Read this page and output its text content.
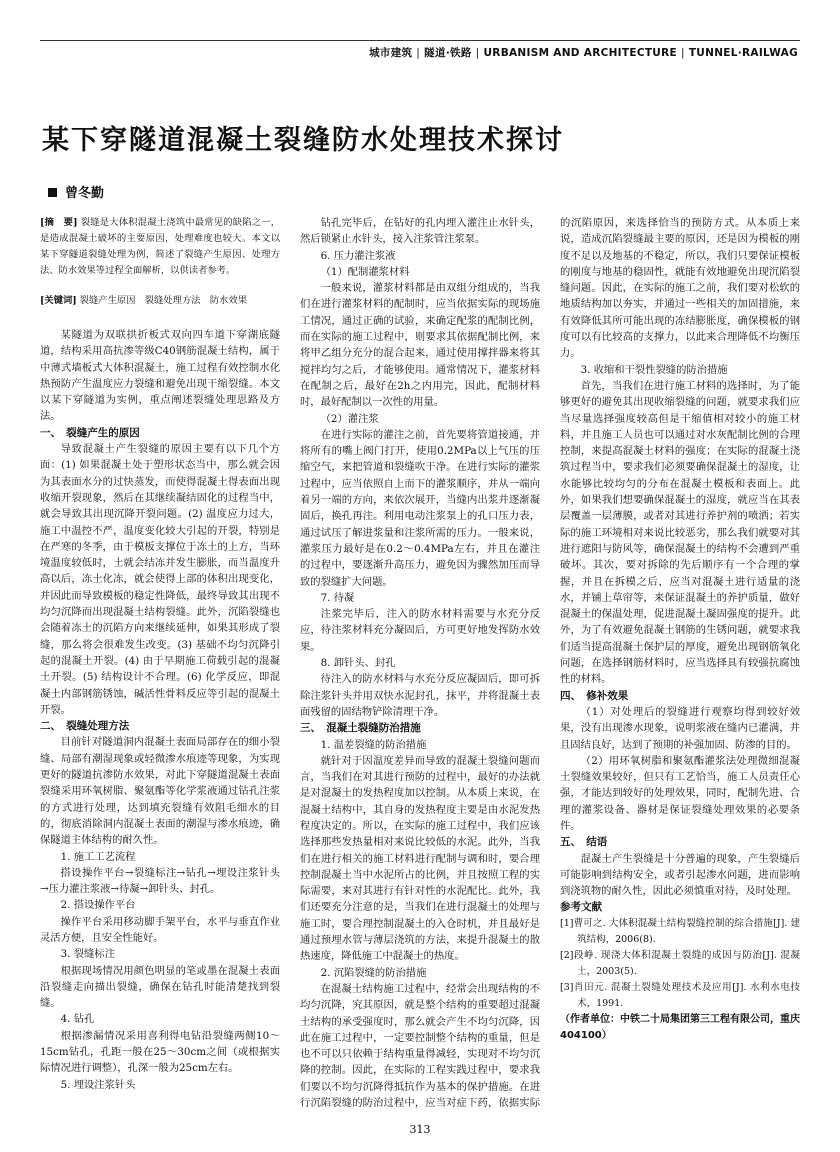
城市建筑 | 隧道·铁路 | URBANISM AND ARCHITECTURE | TUNNEL·RAILWAG
某下穿隧道混凝土裂缝防水处理技术探讨
曾冬勤

[摘　要] 裂缝是大体积混凝土浇筑中最常见的缺陷之一，是造成混凝土破坏的主要原因，处理难度也较大。本文以某下穿隧道裂缝处理为例，简述了裂缝产生原因、处理方法、防水效果等过程全面解析，以供读者参考。

[关键词] 裂缝产生原因　裂缝处理方法　防水效果

某隧道为双联拱折板式双向四车道下穿湖底隧道，结构采用高抗渗等级C40钢筋混凝土结构，属于中薄式墙板式大体积混凝土，施工过程有效控制水化热预防产生温度应力裂缝和避免出现干缩裂缝。本文以某下穿隧道为实例，重点阐述裂缝处理思路及方法。

一、　裂缝产生的原因

导致混凝土产生裂缝的原因主要有以下几个方面：(1) 如果混凝土处于塑形状态当中，那么就会因为其表面水分的过快蒸发，而使得混凝土得表面出现收缩开裂现象，然后在其继续凝结固化的过程当中，就会导致其出现沉降开裂问题。(2) 温度应力过大，施工中温控不严，温度变化较大引起的开裂，特别是在严寒的冬季，由于模板支撑位于冻土的上方，当环境温度较低时，土就会结冻并发生膨胀，而当温度升高以后，冻土化冻，就会使得上部的体积出现变化，并因此而导致模板的稳定性降低，最终导致其出现不均匀沉降而出现混凝土结构裂缝。此外，沉陷裂缝也会随着冻土的沉陷方向来继续延伸，如果其形成了裂缝，那么将会很难发生改变。(3) 基础不均匀沉降引起的混凝土开裂。(4) 由于早期施工荷载引起的混凝土开裂。(5) 结构设计不合理。(6) 化学反应，即混凝土内部钢筋锈蚀，碱活性骨料反应等引起的混凝土开裂。

二、　裂缝处理方法

目前针对隧道洞内混凝土表面局部存在的细小裂缝、局部有潮湿现象或轻微渗水痕迹等现象，为实现更好的隧道抗渗防水效果，对此下穿隧道混凝土表面裂缝采用环氧树脂、聚氨酯等化学浆液通过钻孔注浆的方式进行处理，达到填充裂缝有效阻毛细水的目的，彻底消除洞内混凝土表面的潮湿与渗水痕迹，确保隧道主体结构的耐久性。

1. 施工工艺流程

搭设操作平台→裂缝标注→钻孔→埋设注浆针头→压力灌注浆液→待凝→卸针头、封孔。

2. 搭设操作平台

操作平台采用移动脚手架平台，水平与垂直作业灵活方便，且安全性能好。

3. 裂缝标注

根据现场情况用颜色明显的笔或墨在混凝土表面沿裂缝走向描出裂缝，确保在钻孔时能清楚找到裂缝。

4. 钻孔

根据渗漏情况采用喜利得电钻沿裂缝两侧10～15cm钻孔，孔距一般在25～30cm之间（或根据实际情况进行调整），孔深一般为25cm左右。

5. 埋设注浆针头

钻孔完毕后，在钻好的孔内埋入灌注止水针头，然后锁紧止水针头，接入注浆管注浆泵。

6. 压力灌注浆液
（1）配制灌浆材料

一般来说，灌浆材料都是由双组分组成的，当我们在进行灌浆材料的配制时，应当依据实际的现场施工情况，通过正确的试验，来确定配浆的配制比例，而在实际的施工过程中，则要求其依据配制比例，来将甲乙组分充分的混合起来，通过使用撑拌器来将其搅拌均匀之后，才能够使用。通常情况下，灌浆材料在配制之后，最好在2h之内用完，因此，配制材料时，最好配制以一次性的用量。

（2）灌注浆

在进行实际的灌注之前，首先要将管道接通，并将所有的嘴上阀门打开，使用0.2MPa以上气压的压缩空气，来把管道和裂缝吹干净。在进行实际的灌浆过程中，应当依照自上而下的灌浆顺序，并从一端向着另一端的方向，来依次展开，当缝内出浆并逐渐凝固后，换孔再注。利用电动注浆泵上的孔口压力表，通过试压了解进浆量和注浆所需的压力。一般来说，灌浆压力最好是在0.2～0.4MPa左右，并且在灌注的过程中，要逐渐升高压力，避免因为骤然加压而导致的裂缝扩大问题。

7. 待凝

注浆完毕后，注入的防水材料需要与水充分反应，待注浆材料充分凝固后，方可更好地发挥防水效果。

8. 卸针头、封孔

待注入的防水材料与水充分反应凝固后，即可拆除注浆针头并用双快水泥封孔，抹平，并将混凝土表面残留的固结物铲除清理干净。

三、　混凝土裂缝防治措施
1. 温差裂缝的防治措施

就针对于因温度差异而导致的混凝土裂缝问题而言，当我们在对其进行预防的过程中，最好的办法就是对混凝土的发热程度加以控制。从本质上来说，在混凝土结构中，其自身的发热程度主要是由水泥发热程度决定的。所以，在实际的施工过程中，我们应该选择那些发热量相对来说比较低的水泥。此外，当我们在进行相关的施工材料进行配制与调和时，要合理控制混凝土当中水泥所占的比例，并且按照工程的实际需要，来对其进行有针对性的水泥配比。此外，我们还要充分注意的是，当我们在进行混凝土的处理与施工时，要合理控制混凝土的入仓时机，并且最好是通过预埋水管与薄层浇筑的方法，来提升混凝土的散热速度，降低施工中混凝土的热度。

2. 沉陷裂缝的防治措施

在混凝土结构施工过程中，经常会出现结构的不均匀沉降，究其原因，就是整个结构的重要超过混凝土结构的承受强度时，那么就会产生不均匀沉降，因此在施工过程中，一定要控制整个结构的重量，但是也不可以只依赖于结构重量得减轻，实现对不均匀沉降的控制。因此，在实际的工程实践过程中，要求我们要以不均匀沉降得抵抗作为基本的保护措施。在进行沉陷裂缝的防治过程中，应当对症下药，依据实际的沉陷原因，来选择恰当的预防方式。从本质上来说，造成沉陷裂缝最主要的原因，还是因为模板的刚度不足以及地基的不稳定，所以，我们只要保证模板的刚度与地基的稳固性，就能有效地避免出现沉陷裂缝问题。因此，在实际的施工之前，我们要对松软的地质结构加以夯实，并通过一些相关的加固措施，来有效降低其所可能出现的冻结膨胀度，确保模板的钢度可以有比较高的支撑力，以此来合理降低不均衡压力。

3. 收缩和干裂性裂缝的防治措施

首先，当我们在进行施工材料的选择时，为了能够更好的避免其出现收缩裂缝的问题，就要求我们应当尽量选择强度较高但是干缩值相对较小的施工材料，并且施工人员也可以通过对水灰配制比例的合理控制，来提高混凝土材料的强度；在实际的混凝土浇筑过程当中，要求我们必须要确保混凝土的湿度，让水能够比较均匀的分布在混凝土模板和表面上。此外，如果我们想要确保混凝土的湿度，就应当在其表层覆盖一层薄膜，或者对其进行养护剂的喷洒；若实际的施工环境相对来说比较恶劣，那么我们就要对其进行遮阳与防风等，确保混凝土的结构不会遭到严重破坏。其次，要对拆除的先后顺序有一个合理的掌握，并且在拆模之后，应当对混凝土进行适量的浇水，并铺上草帘等，来保证混凝土的养护质量，做好混凝土的保温处理，促进混凝土凝固强度的提升。此外，为了有效避免混凝土钢筋的生锈问题，就要求我们适当提高混凝土保护层的厚度，避免出现钢筋氧化问题，在选择钢筋材料时，应当选择具有较强抗腐蚀性的材料。

四、　修补效果

（1）对处理后的裂缝进行观察均得到较好效果，没有出现渗水现象，说明浆液在缝内已灌满，并且固结良好，达到了预期的补强加固、防渗的目的。

（2）用环氧树脂和聚氨酯灌浆法处理微细混凝土裂缝效果较好，但只有工艺恰当，施工人员责任心强，才能达到较好的处理效果，同时，配制先进、合理的灌浆设备、器材是保证裂缝处理效果的必要条件。

五、　结语

混凝土产生裂缝是十分普遍的现象，产生裂缝后可能影响到结构安全，或者引起渗水问题，进而影响到浇筑物的耐久性，因此必须慎重对待，及时处理。

参考文献

[1]曹可之. 大体积混凝土结构裂缝控制的综合措施[J]. 建筑结构，2006(8).

[2]段峥. 现浇大体积混凝土裂缝的成因与防治[J]. 混凝土，2003(5).

[3]肖田元. 混凝土裂缝处理技术及应用[J]. 水利水电技术，1991.

（作者单位：中铁二十局集团第三工程有限公司，重庆 404100）

313
